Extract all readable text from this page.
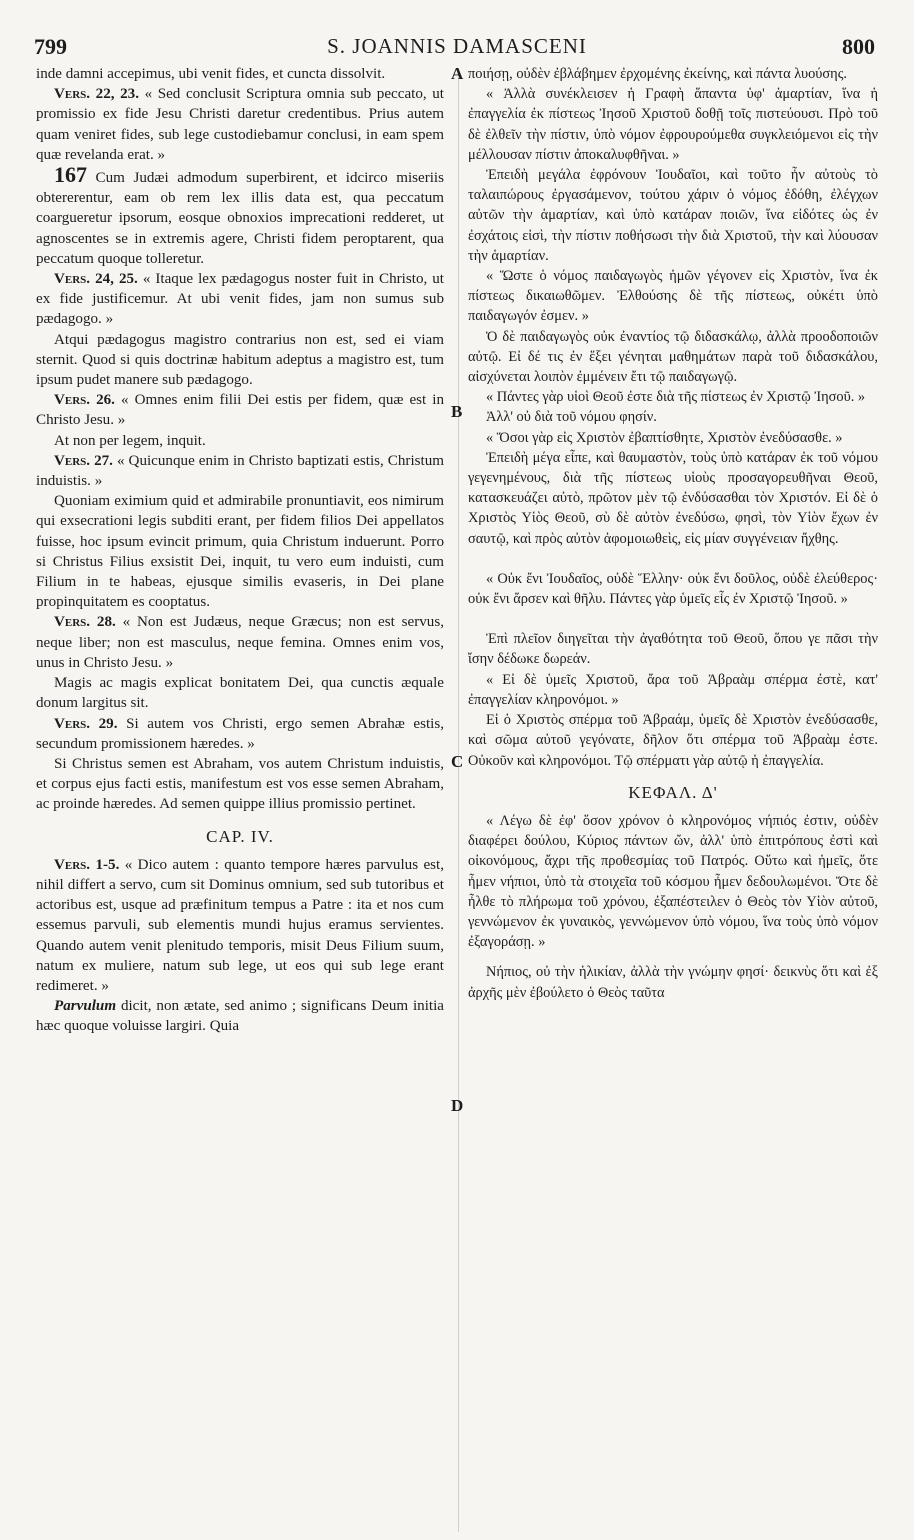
799	S. JOANNIS DAMASCENI	800
A
B
C
D

inde damni accepimus, ubi venit fides, et cuncta dissolvit.

Vers. 22, 23. « Sed conclusit Scriptura omnia sub peccato, ut promissio ex fide Jesu Christi daretur credentibus. Prius autem quam veniret fides, sub lege custodiebamur conclusi, in eam spem quæ revelanda erat. »

167 Cum Judæi admodum superbirent, et idcirco miseriis obtererentur, eam ob rem lex illis data est, qua peccatum coargueretur ipsorum, eosque obnoxios imprecationi redderet, ut agnoscentes se in extremis agere, Christi fidem peroptarent, qua peccatum quoque tolleretur.

Vers. 24, 25. « Itaque lex pædagogus noster fuit in Christo, ut ex fide justificemur. At ubi venit fides, jam non sumus sub pædagogo. »

Atqui pædagogus magistro contrarius non est, sed ei viam sternit. Quod si quis doctrinæ habitum adeptus a magistro est, tum ipsum pudet manere sub pædagogo.

Vers. 26. « Omnes enim filii Dei estis per fidem, quæ est in Christo Jesu. »

At non per legem, inquit.

Vers. 27. « Quicunque enim in Christo baptizati estis, Christum induistis. »

Quoniam eximium quid et admirabile pronuntiavit, eos nimirum qui exsecrationi legis subditi erant, per fidem filios Dei appellatos fuisse, hoc ipsum evincit primum, quia Christum induerunt. Porro si Christus Filius exsistit Dei, inquit, tu vero eum induisti, cum Filium in te habeas, ejusque similis evaseris, in Dei plane propinquitatem es cooptatus.

Vers. 28. « Non est Judæus, neque Græcus; non est servus, neque liber; non est masculus, neque femina. Omnes enim vos, unus in Christo Jesu. »

Magis ac magis explicat bonitatem Dei, qua cunctis æquale donum largitus sit.

Vers. 29. Si autem vos Christi, ergo semen Abrahæ estis, secundum promissionem hæredes. »

Si Christus semen est Abraham, vos autem Christum induistis, et corpus ejus facti estis, manifestum est vos esse semen Abraham, ac proinde hæredes. Ad semen quippe illius promissio pertinet.

CAP. IV.

Vers. 1-5. « Dico autem : quanto tempore hæres parvulus est, nihil differt a servo, cum sit Dominus omnium, sed sub tutoribus et actoribus est, usque ad præfinitum tempus a Patre : ita et nos cum essemus parvuli, sub elementis mundi hujus eramus servientes. Quando autem venit plenitudo temporis, misit Deus Filium suum, natum ex muliere, natum sub lege, ut eos qui sub lege erant redimeret. »

Parvulum dicit, non ætate, sed animo ; significans Deum initia hæc quoque voluisse largiri. Quia

ποιήσῃ, οὐδὲν ἐβλάβημεν ἐρχομένης ἐκείνης, καὶ πάντα λυούσης.

« Ἀλλὰ συνέκλεισεν ἡ Γραφὴ ἅπαντα ὑφ' ἁμαρτίαν, ἵνα ἡ ἐπαγγελία ἐκ πίστεως Ἰησοῦ Χριστοῦ δοθῇ τοῖς πιστεύουσι. Πρὸ τοῦ δὲ ἐλθεῖν τὴν πίστιν, ὑπὸ νόμον ἐφρουρούμεθα συγκλειόμενοι εἰς τὴν μέλλουσαν πίστιν ἀποκαλυφθῆναι. »

Ἐπειδὴ μεγάλα ἐφρόνουν Ἰουδαῖοι, καὶ τοῦτο ἦν αὐτοὺς τὸ ταλαιπώρους ἐργασάμενον, τούτου χάριν ὁ νόμος ἐδόθη, ἐλέγχων αὐτῶν τὴν ἁμαρτίαν, καὶ ὑπὸ κατάραν ποιῶν, ἵνα εἰδότες ὡς ἐν ἐσχάτοις εἰσὶ, τὴν πίστιν ποθήσωσι τὴν διὰ Χριστοῦ, τὴν καὶ λύουσαν τὴν ἁμαρτίαν.

« Ὥστε ὁ νόμος παιδαγωγὸς ἡμῶν γέγονεν εἰς Χριστὸν, ἵνα ἐκ πίστεως δικαιωθῶμεν. Ἐλθούσης δὲ τῆς πίστεως, οὐκέτι ὑπὸ παιδαγωγόν ἐσμεν. »

Ὁ δὲ παιδαγωγὸς οὐκ ἐναντίος τῷ διδασκάλῳ, ἀλλὰ προοδοποιῶν αὐτῷ. Εἰ δέ τις ἐν ἕξει γένηται μαθημάτων παρὰ τοῦ διδασκάλου, αἰσχύνεται λοιπὸν ἐμμένειν ἔτι τῷ παιδαγωγῷ.

« Πάντες γὰρ υἱοὶ Θεοῦ ἐστε διὰ τῆς πίστεως ἐν Χριστῷ Ἰησοῦ. »

Ἀλλ' οὐ διὰ τοῦ νόμου φησίν.

« Ὅσοι γὰρ εἰς Χριστὸν ἐβαπτίσθητε, Χριστὸν ἐνεδύσασθε. »

Ἐπειδὴ μέγα εἶπε, καὶ θαυμαστὸν, τοὺς ὑπὸ κατάραν ἐκ τοῦ νόμου γεγενημένους, διὰ τῆς πίστεως υἱοὺς προσαγορευθῆναι Θεοῦ, κατασκευάζει αὐτὸ, πρῶτον μὲν τῷ ἐνδύσασθαι τὸν Χριστόν. Εἰ δὲ ὁ Χριστὸς Υἱὸς Θεοῦ, σὺ δὲ αὐτὸν ἐνεδύσω, φησὶ, τὸν Υἱὸν ἔχων ἐν σαυτῷ, καὶ πρὸς αὐτὸν ἀφομοιωθεὶς, εἰς μίαν συγγένειαν ἤχθης.

« Οὐκ ἔνι Ἰουδαῖος, οὐδὲ Ἕλλην· οὐκ ἔνι δοῦλος, οὐδὲ ἐλεύθερος· οὐκ ἔνι ἄρσεν καὶ θῆλυ. Πάντες γὰρ ὑμεῖς εἷς ἐν Χριστῷ Ἰησοῦ. »

Ἐπὶ πλεῖον διηγεῖται τὴν ἀγαθότητα τοῦ Θεοῦ, ὅπου γε πᾶσι τὴν ἴσην δέδωκε δωρεάν.

« Εἰ δὲ ὑμεῖς Χριστοῦ, ἄρα τοῦ Ἀβραὰμ σπέρμα ἐστὲ, κατ' ἐπαγγελίαν κληρονόμοι. »

Εἰ ὁ Χριστὸς σπέρμα τοῦ Ἀβραάμ, ὑμεῖς δὲ Χριστὸν ἐνεδύσασθε, καὶ σῶμα αὐτοῦ γεγόνατε, δῆλον ὅτι σπέρμα τοῦ Ἀβραὰμ ἐστε. Οὐκοῦν καὶ κληρονόμοι. Τῷ σπέρματι γὰρ αὐτῷ ἡ ἐπαγγελία.

ΚΕΦΑΛ. Δ'

« Λέγω δὲ ἐφ' ὅσον χρόνον ὁ κληρονόμος νήπιός ἐστιν, οὐδὲν διαφέρει δούλου, Κύριος πάντων ὤν, ἀλλ' ὑπὸ ἐπιτρόπους ἐστὶ καὶ οἰκονόμους, ἄχρι τῆς προθεσμίας τοῦ Πατρός. Οὕτω καὶ ἡμεῖς, ὅτε ἦμεν νήπιοι, ὑπὸ τὰ στοιχεῖα τοῦ κόσμου ἦμεν δεδουλωμένοι. Ὅτε δὲ ἦλθε τὸ πλήρωμα τοῦ χρόνου, ἐξαπέστειλεν ὁ Θεὸς τὸν Υἱὸν αὐτοῦ, γεννώμενον ἐκ γυναικὸς, γεννώμενον ὑπὸ νόμου, ἵνα τοὺς ὑπὸ νόμον ἐξαγοράσῃ. »

Νήπιος, οὐ τὴν ἡλικίαν, ἀλλὰ τὴν γνώμην φησί· δεικνὺς ὅτι καὶ ἐξ ἀρχῆς μὲν ἐβούλετο ὁ Θεὸς ταῦτα
